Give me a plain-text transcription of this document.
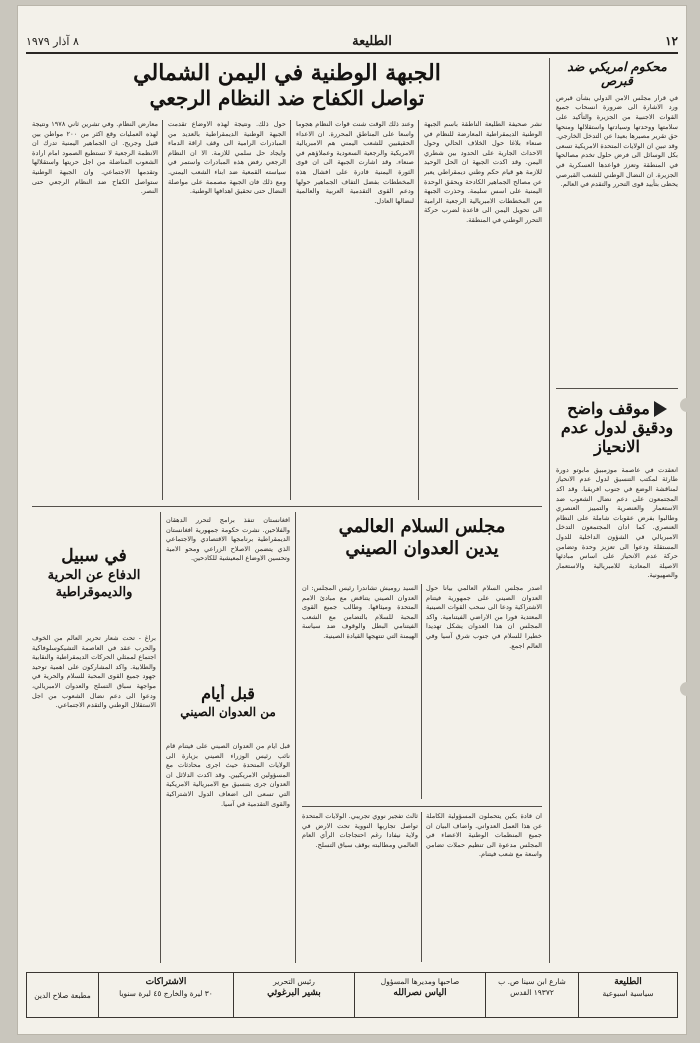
١٢
الطليعة
٨ آذار ١٩٧٩
محكوم امريكي ضد قبرص
في قرار مجلس الامن الدولي بشأن قبرص ورد الاشارة الى ضرورة انسحاب جميع القوات الاجنبية من الجزيرة والتأكيد على سلامتها ووحدتها وسيادتها واستقلالها ومنحها حق تقرير مصيرها بعيدا عن التدخل الخارجي. وقد تبين ان الولايات المتحدة الامريكية تسعى بكل الوسائل الى فرض حلول تخدم مصالحها في المنطقة وتعزز قواعدها العسكرية في الجزيرة. ان النضال الوطني للشعب القبرصي يحظى بتأييد قوى التحرر والتقدم في العالم.
موقف واضح ودقيق لدول عدم الانحياز
انعقدت في عاصمة موزمبيق مابوتو دورة طارئة لمكتب التنسيق لدول عدم الانحياز لمناقشة الوضع في جنوب افريقيا. وقد اكد المجتمعون على دعم نضال الشعوب ضد الاستعمار والعنصرية والتمييز العنصري وطالبوا بفرض عقوبات شاملة على النظام العنصري. كما ادان المجتمعون التدخل الامبريالي في الشؤون الداخلية للدول المستقلة ودعوا الى تعزيز وحدة وتضامن حركة عدم الانحياز على اساس مبادئها الاصيلة المعادية للامبريالية والاستعمار والصهيونية.
الجبهة الوطنية في اليمن الشمالي
تواصل الكفاح ضد النظام الرجعي
نشر صحيفة الطليعة الناطقة باسم الجبهة الوطنية الديمقراطية المعارضة للنظام في صنعاء بلاغا حول الخلاف الحالي وحول الاحداث الجارية على الحدود بين شطري اليمن. وقد اكدت الجبهة ان الحل الوحيد للازمة هو قيام حكم وطني ديمقراطي يعبر عن مصالح الجماهير الكادحة ويحقق الوحدة اليمنية على اسس سليمة. وحذرت الجبهة من المخططات الامبريالية الرجعية الرامية الى تحويل اليمن الى قاعدة لضرب حركة التحرر الوطني في المنطقة.
وعند ذلك الوقت شنت قوات النظام هجوما واسعا على المناطق المحررة. ان الاعداء الحقيقيين للشعب اليمني هم الامبريالية الامريكية والرجعية السعودية وعملاؤهم في صنعاء. وقد اشارت الجبهة الى ان قوى الثورة اليمنية قادرة على افشال هذه المخططات بفضل التفاف الجماهير حولها ودعم القوى التقدمية العربية والعالمية لنضالها العادل.
حول ذلك. ونتيجة لهذه الاوضاع تقدمت الجبهة الوطنية الديمقراطية بالعديد من المبادرات الرامية الى وقف اراقة الدماء وايجاد حل سلمي للازمة. الا ان النظام الرجعي رفض هذه المبادرات واستمر في سياسته القمعية ضد ابناء الشعب اليمني. ومع ذلك فان الجبهة مصممة على مواصلة النضال حتى تحقيق اهدافها الوطنية.
معارض النظام. وفي تشرين ثاني ١٩٧٨ ونتيجة لهذه العمليات وقع اكثر من ٢٠٠ مواطن بين قتيل وجريح. ان الجماهير اليمنية تدرك ان الانظمة الرجعية لا تستطيع الصمود امام ارادة الشعوب المناضلة من اجل حريتها واستقلالها وتقدمها الاجتماعي. وان الجبهة الوطنية ستواصل الكفاح ضد النظام الرجعي حتى النصر.
مجلس السلام العالمي
يدين العدوان الصيني
اصدر مجلس السلام العالمي بيانا حول العدوان الصيني على جمهورية فيتنام الاشتراكية ودعا الى سحب القوات الصينية المعتدية فورا من الاراضي الفيتنامية. واكد المجلس ان هذا العدوان يشكل تهديدا خطيرا للسلام في جنوب شرق آسيا وفي العالم اجمع.
السيد روميش تشاندرا رئيس المجلس: ان العدوان الصيني يتناقض مع مبادئ الامم المتحدة وميثاقها. وطالب جميع القوى المحبة للسلام بالتضامن مع الشعب الفيتنامي البطل والوقوف ضد سياسة الهيمنة التي تنتهجها القيادة الصينية.
ان قادة بكين يتحملون المسؤولية الكاملة عن هذا العمل العدواني. واضاف البيان ان جميع المنظمات الوطنية الاعضاء في المجلس مدعوة الى تنظيم حملات تضامن واسعة مع شعب فيتنام.
ثالث تفجير نووي تجريبي. الولايات المتحدة تواصل تجاربها النووية تحت الارض في ولاية نيفادا رغم احتجاجات الرأي العام العالمي ومطالبته بوقف سباق التسلح.
افغانستان تنفذ برامج لتحرر الدهقان والفلاحين. نشرت حكومة جمهورية افغانستان الديمقراطية برنامجها الاقتصادي والاجتماعي الذي يتضمن الاصلاح الزراعي ومحو الامية وتحسين الاوضاع المعيشية للكادحين.
قبل أيام
من العدوان الصيني
قبل ايام من العدوان الصيني على فيتنام قام نائب رئيس الوزراء الصيني بزيارة الى الولايات المتحدة حيث اجرى محادثات مع المسؤولين الامريكيين. وقد اكدت الدلائل ان العدوان جرى بتنسيق مع الامبريالية الامريكية التي تسعى الى اضعاف الدول الاشتراكية والقوى التقدمية في آسيا.
في سبيل
الدفاع عن الحرية
والديموقراطية
براغ - تحت شعار تحرير العالم من الخوف والحرب عقد في العاصمة التشيكوسلوفاكية اجتماع لممثلي الحركات الديمقراطية والنقابية والطلابية. واكد المشاركون على اهمية توحيد جهود جميع القوى المحبة للسلام والحرية في مواجهة سباق التسلح والعدوان الامبريالي، ودعوا الى دعم نضال الشعوب من اجل الاستقلال الوطني والتقدم الاجتماعي.
الطليعة
سياسية اسبوعية
شارع ابن سينا ص. ب ١٩٣٧٢ القدس
صاحبها ومديرها المسؤول
الياس نصرالله
رئيس التحرير
بشير البرغوثي
الاشتراكات
٣٠ ليرة والخارج ٤٥ ليرة سنويا
مطبعة صلاح الدين
